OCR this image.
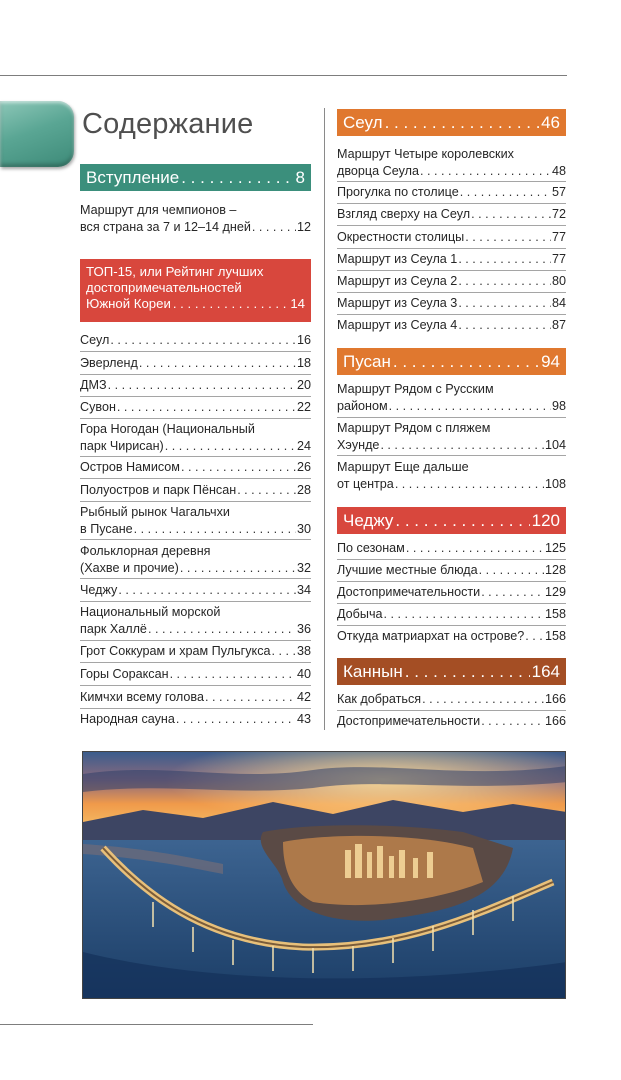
Содержание
Вступление . . .	8
Маршрут для чемпионов –
вся страна за 7 и 12–14 дней . . .	12
ТОП-15, или Рейтинг лучших
достопримечательностей
Южной Кореи . . .	14
Сеул . . .	16
Эверленд . . .	18
ДМЗ . . .	20
Сувон . . .	22
Гора Ногодан (Национальный
парк Чирисан) . . .	24
Остров Намисом . . .	26
Полуостров и парк Пёнсан . . .	28
Рыбный рынок Чагальчхи
в Пусане . . .	30
Фольклорная деревня
(Хахве и прочие) . . .	32
Чеджу . . .	34
Национальный морской
парк Халлё . . .	36
Грот Соккурам и храм Пульгукса . . . 38
Горы Сораксан . . .	40
Кимчхи всему голова . . .	42
Народная сауна . . .	43
Сеул . . .	46
Маршрут Четыре королевских
дворца Сеула . . .	48
Прогулка по столице . . .	57
Взгляд сверху на Сеул . . .	72
Окрестности столицы . . .	77
Маршрут из Сеула 1 . . .	77
Маршрут из Сеула 2 . . .	80
Маршрут из Сеула 3 . . .	84
Маршрут из Сеула 4 . . .	87
Пусан . . .	94
Маршрут Рядом с Русским
районом . . .	98
Маршрут Рядом с пляжем
Хэунде . . .	104
Маршрут Еще дальше
от центра . . .	108
Чеджу . . .	120
По сезонам . . .	125
Лучшие местные блюда . . .	128
Достопримечательности . . .	129
Добыча . . .	158
Откуда матриархат на острове? . . . 158
Каннын . . .	164
Как добраться . . .	166
Достопримечательности . . .	166
